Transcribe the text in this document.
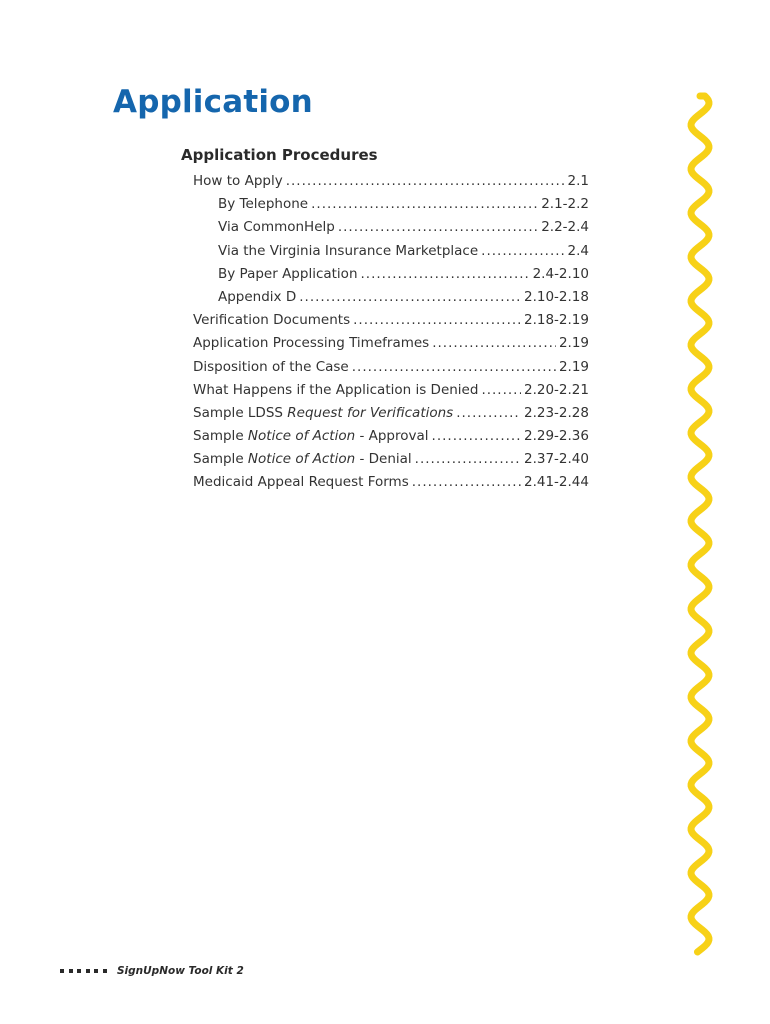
Application
Application Procedures
How to Apply .....	2.1
By Telephone .....	2.1-2.2
Via CommonHelp .....	2.2-2.4
Via the Virginia Insurance Marketplace .....	2.4
By Paper Application .....	2.4-2.10
Appendix D .....	2.10-2.18
Verification Documents .....	2.18-2.19
Application Processing Timeframes .....	2.19
Disposition of the Case .....	2.19
What Happens if the Application is Denied .....	2.20-2.21
Sample LDSS Request for Verifications .....	2.23-2.28
Sample Notice of Action - Approval .....	2.29-2.36
Sample Notice of Action - Denial .....	2.37-2.40
Medicaid Appeal Request Forms .....	2.41-2.44
SignUpNow Tool Kit 2
